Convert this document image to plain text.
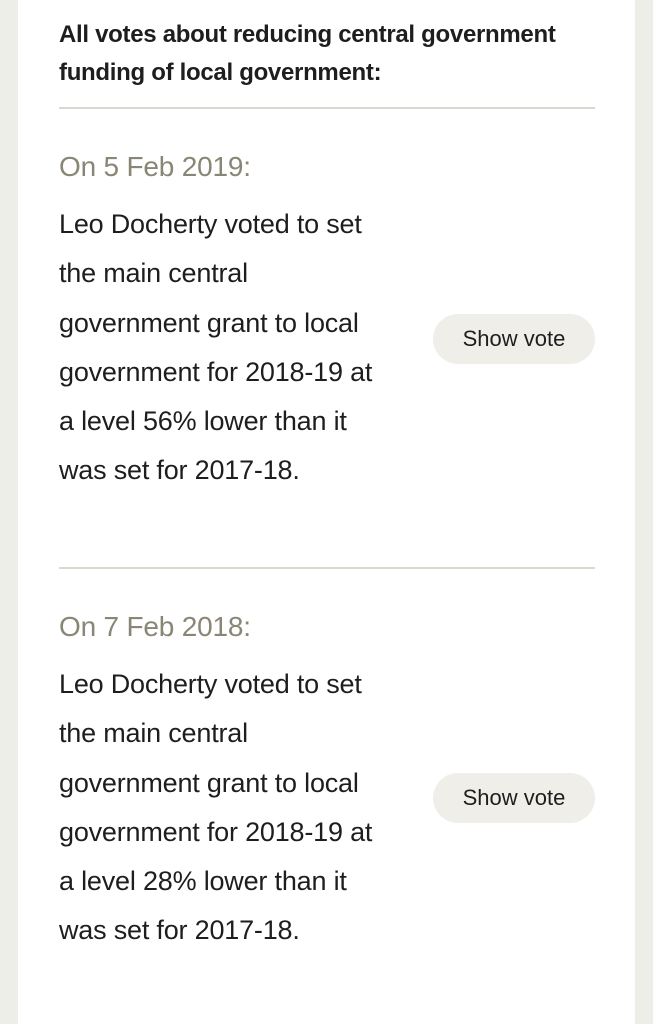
All votes about reducing central government funding of local government:
On 5 Feb 2019:
Leo Docherty voted to set the main central government grant to local government for 2018-19 at a level 56% lower than it was set for 2017-18.
Show vote
On 7 Feb 2018:
Leo Docherty voted to set the main central government grant to local government for 2018-19 at a level 28% lower than it was set for 2017-18.
Show vote
